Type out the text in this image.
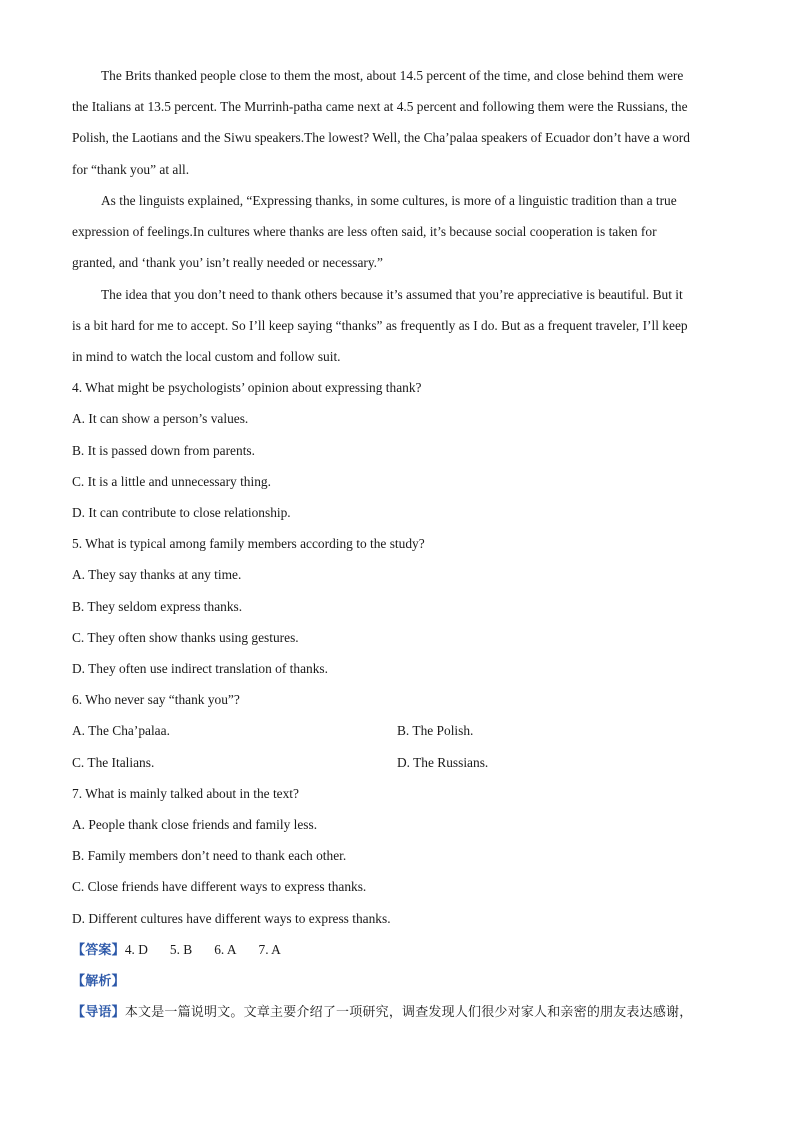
The Brits thanked people close to them the most, about 14.5 percent of the time, and close behind them were
the Italians at 13.5 percent. The Murrinh-patha came next at 4.5 percent and following them were the Russians, the
Polish, the Laotians and the Siwu speakers.The lowest? Well, the Cha’palaa speakers of Ecuador don’t have a word
for “thank you” at all.
As the linguists explained, “Expressing thanks, in some cultures, is more of a linguistic tradition than a true
expression of feelings.In cultures where thanks are less often said, it’s because social cooperation is taken for
granted, and ‘thank you’ isn’t really needed or necessary.”
The idea that you don’t need to thank others because it’s assumed that you’re appreciative is beautiful. But it
is a bit hard for me to accept. So I’ll keep saying “thanks” as frequently as I do. But as a frequent traveler, I’ll keep
in mind to watch the local custom and follow suit.
4. What might be psychologists’ opinion about expressing thank?
A. It can show a person’s values.
B. It is passed down from parents.
C. It is a little and unnecessary thing.
D. It can contribute to close relationship.
5. What is typical among family members according to the study?
A. They say thanks at any time.
B. They seldom express thanks.
C. They often show thanks using gestures.
D. They often use indirect translation of thanks.
6. Who never say “thank you”?
A. The Cha’palaa.	B. The Polish.
C. The Italians.	D. The Russians.
7. What is mainly talked about in the text?
A. People thank close friends and family less.
B. Family members don’t need to thank each other.
C. Close friends have different ways to express thanks.
D. Different cultures have different ways to express thanks.
【答案】4. D 5. B 6. A 7. A
【解析】
【导语】本文是一篇说明文。文章主要介绍了一项研究，调查发现人们很少对家人和亲密的朋友表达感谢，
